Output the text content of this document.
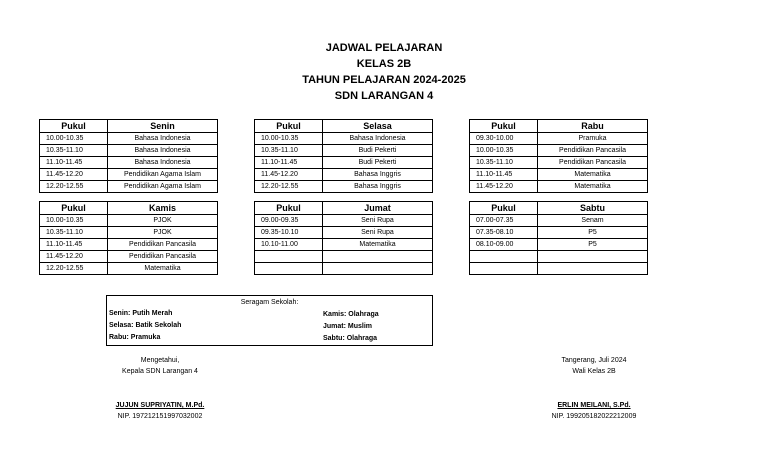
JADWAL PELAJARAN
KELAS 2B
TAHUN PELAJARAN 2024-2025
SDN LARANGAN 4
Pukul	Senin
10.00-10.35	Bahasa Indonesia
10.35-11.10	Bahasa Indonesia
11.10-11.45	Bahasa Indonesia
11.45-12.20	Pendidikan Agama Islam
12.20-12.55	Pendidikan Agama Islam
Pukul	Selasa
10.00-10.35	Bahasa Indonesia
10.35-11.10	Budi Pekerti
11.10-11.45	Budi Pekerti
11.45-12.20	Bahasa Inggris
12.20-12.55	Bahasa Inggris
Pukul	Rabu
09.30-10.00	Pramuka
10.00-10.35	Pendidikan Pancasila
10.35-11.10	Pendidikan Pancasila
11.10-11.45	Matematika
11.45-12.20	Matematika
Pukul	Kamis
10.00-10.35	PJOK
10.35-11.10	PJOK
11.10-11.45	Pendidikan Pancasila
11.45-12.20	Pendidikan Pancasila
12.20-12.55	Matematika
Pukul	Jumat
09.00-09.35	Seni Rupa
09.35-10.10	Seni Rupa
10.10-11.00	Matematika

Pukul	Sabtu
07.00-07.35	Senam
07.35-08.10	P5
08.10-09.00	P5

Seragam Sekolah:
Senin: Putih Merah
Selasa: Batik Sekolah
Rabu: Pramuka
Kamis: Olahraga
Jumat: Muslim
Sabtu: Olahraga
Mengetahui,
Kepala SDN Larangan 4
JUJUN SUPRIYATIN, M.Pd.
NIP. 197212151997032002
Tangerang, Juli 2024
Wali Kelas 2B
ERLIN MEILANI, S.Pd.
NIP. 199205182022212009
